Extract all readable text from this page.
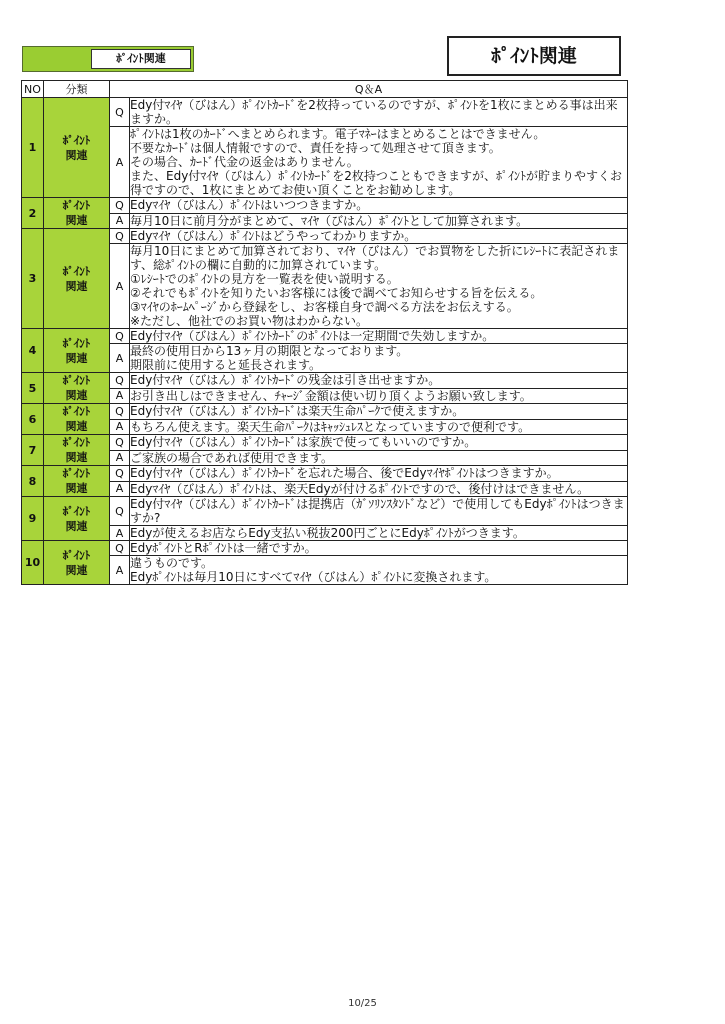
ﾎﾟｲﾝﾄ関連	ﾎﾟｲﾝﾄ関連
NO	分類	Q＆A	
1	ﾎﾟｲﾝﾄ
関連	Q	Edy付ﾏｲﾔ（びはん）ﾎﾟｲﾝﾄｶｰﾄﾞを2枚持っているのですが、ﾎﾟｲﾝﾄを1枚にまとめる事は出来ますか。

		A	ﾎﾟｲﾝﾄは1枚のｶｰﾄﾞへまとめられます。電子ﾏﾈｰはまとめることはできません。

不要なｶｰﾄﾞは個人情報ですので、責任を持って処理させて頂きます。

その場合、ｶｰﾄﾞ代金の返金はありません。

また、Edy付ﾏｲﾔ（びはん）ﾎﾟｲﾝﾄｶｰﾄﾞを2枚持つこともできますが、ﾎﾟｲﾝﾄが貯まりやすくお得ですので、1枚にまとめてお使い頂くことをお勧めします。

2	ﾎﾟｲﾝﾄ
関連	Q	Edyﾏｲﾔ（びはん）ﾎﾟｲﾝﾄはいつつきますか。

		A	毎月10日に前月分がまとめて、ﾏｲﾔ（びはん）ﾎﾟｲﾝﾄとして加算されます。

3	ﾎﾟｲﾝﾄ
関連	Q	Edyﾏｲﾔ（びはん）ﾎﾟｲﾝﾄはどうやってわかりますか。

		A	毎月10日にまとめて加算されており、ﾏｲﾔ（びはん）でお買物をした折にﾚｼｰﾄに表記されます、総ﾎﾟｲﾝﾄの欄に自動的に加算されています。

①ﾚｼｰﾄでのﾎﾟｲﾝﾄの見方を一覧表を使い説明する。

②それでもﾎﾟｲﾝﾄを知りたいお客様には後で調べてお知らせする旨を伝える。

③ﾏｲﾔのﾎｰﾑﾍﾟｰｼﾞから登録をし、お客様自身で調べる方法をお伝えする。

※ただし、他社でのお買い物はわからない。

4	ﾎﾟｲﾝﾄ
関連	Q	Edy付ﾏｲﾔ（びはん）ﾎﾟｲﾝﾄｶｰﾄﾞのﾎﾟｲﾝﾄは一定期間で失効しますか。

		A	最終の使用日から13ヶ月の期限となっております。

期限前に使用すると延長されます。

5	ﾎﾟｲﾝﾄ
関連	Q	Edy付ﾏｲﾔ（びはん）ﾎﾟｲﾝﾄｶｰﾄﾞの残金は引き出せますか。

		A	お引き出しはできません、ﾁｬｰｼﾞ金額は使い切り頂くようお願い致します。

6	ﾎﾟｲﾝﾄ
関連	Q	Edy付ﾏｲﾔ（びはん）ﾎﾟｲﾝﾄｶｰﾄﾞは楽天生命ﾊﾟｰｸで使えますか。

		A	もちろん使えます。楽天生命ﾊﾟｰｸはｷｬｯｼｭﾚｽとなっていますので便利です。

7	ﾎﾟｲﾝﾄ
関連	Q	Edy付ﾏｲﾔ（びはん）ﾎﾟｲﾝﾄｶｰﾄﾞは家族で使ってもいいのですか。

		A	ご家族の場合であれば使用できます。

8	ﾎﾟｲﾝﾄ
関連	Q	Edy付ﾏｲﾔ（びはん）ﾎﾟｲﾝﾄｶｰﾄﾞを忘れた場合、後でEdyﾏｲﾔﾎﾟｲﾝﾄはつきますか。

		A	Edyﾏｲﾔ（びはん）ﾎﾟｲﾝﾄは、楽天Edyが付けるﾎﾟｲﾝﾄですので、後付けはできません。

9	ﾎﾟｲﾝﾄ
関連	Q	Edy付ﾏｲﾔ（びはん）ﾎﾟｲﾝﾄｶｰﾄﾞは提携店（ｶﾞｿﾘﾝｽﾀﾝﾄﾞなど）で使用してもEdyﾎﾟｲﾝﾄはつきますか?

		A	Edyが使えるお店ならEdy支払い税抜200円ごとにEdyﾎﾟｲﾝﾄがつきます。

10	ﾎﾟｲﾝﾄ
関連	Q	EdyﾎﾟｲﾝﾄとRﾎﾟｲﾝﾄは一緒ですか。

		A	違うものです。

Edyﾎﾟｲﾝﾄは毎月10日にすべてﾏｲﾔ（びはん）ﾎﾟｲﾝﾄに変換されます。

10/25
